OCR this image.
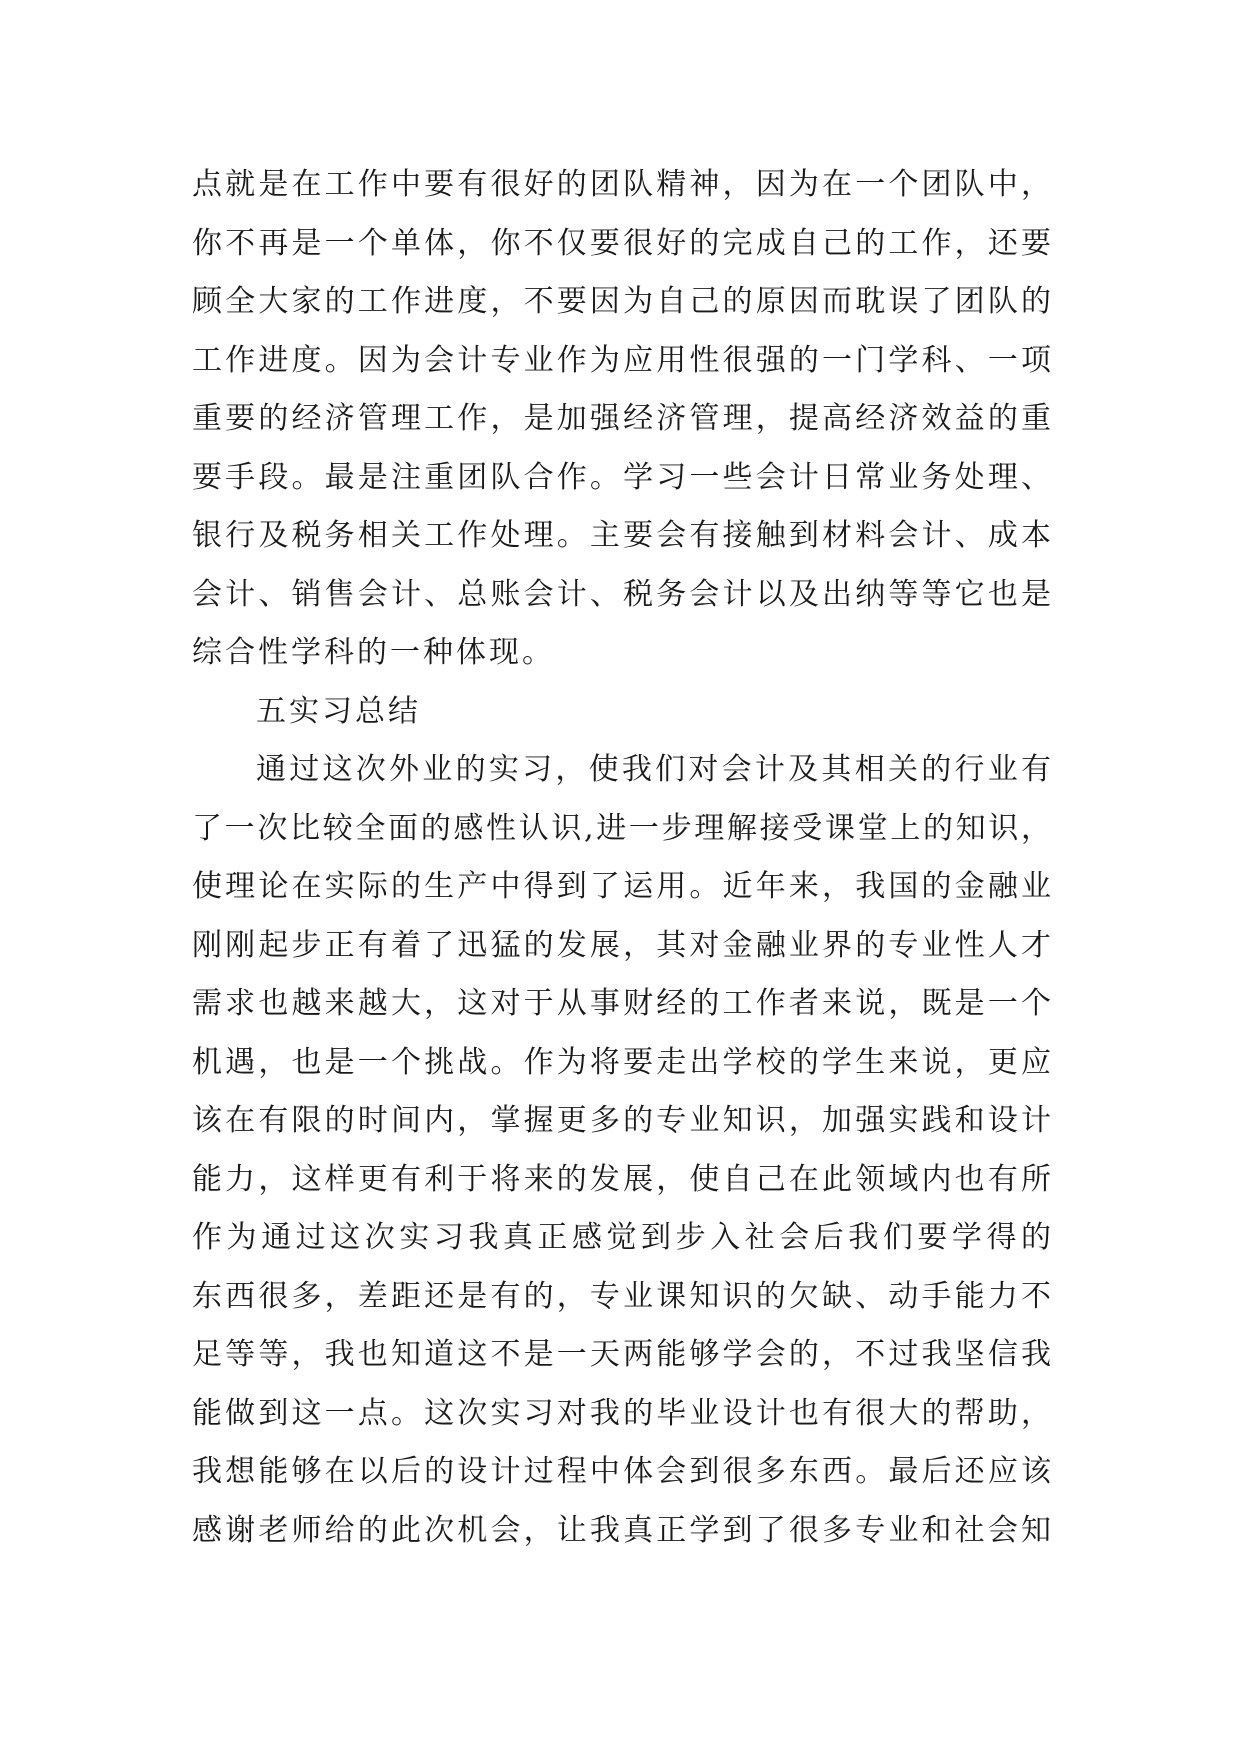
点就是在工作中要有很好的团队精神，因为在一个团队中，
你不再是一个单体，你不仅要很好的完成自己的工作，还要
顾全大家的工作进度，不要因为自己的原因而耽误了团队的
工作进度。因为会计专业作为应用性很强的一门学科、一项
重要的经济管理工作，是加强经济管理，提高经济效益的重
要手段。最是注重团队合作。学习一些会计日常业务处理、
银行及税务相关工作处理。主要会有接触到材料会计、成本
会计、销售会计、总账会计、税务会计以及出纳等等它也是
综合性学科的一种体现。
五实习总结
通过这次外业的实习，使我们对会计及其相关的行业有
了一次比较全面的感性认识,进一步理解接受课堂上的知识，
使理论在实际的生产中得到了运用。近年来，我国的金融业
刚刚起步正有着了迅猛的发展，其对金融业界的专业性人才
需求也越来越大，这对于从事财经的工作者来说，既是一个
机遇，也是一个挑战。作为将要走出学校的学生来说，更应
该在有限的时间内，掌握更多的专业知识，加强实践和设计
能力，这样更有利于将来的发展，使自己在此领域内也有所
作为通过这次实习我真正感觉到步入社会后我们要学得的
东西很多，差距还是有的，专业课知识的欠缺、动手能力不
足等等，我也知道这不是一天两能够学会的，不过我坚信我
能做到这一点。这次实习对我的毕业设计也有很大的帮助，
我想能够在以后的设计过程中体会到很多东西。最后还应该
感谢老师给的此次机会，让我真正学到了很多专业和社会知
